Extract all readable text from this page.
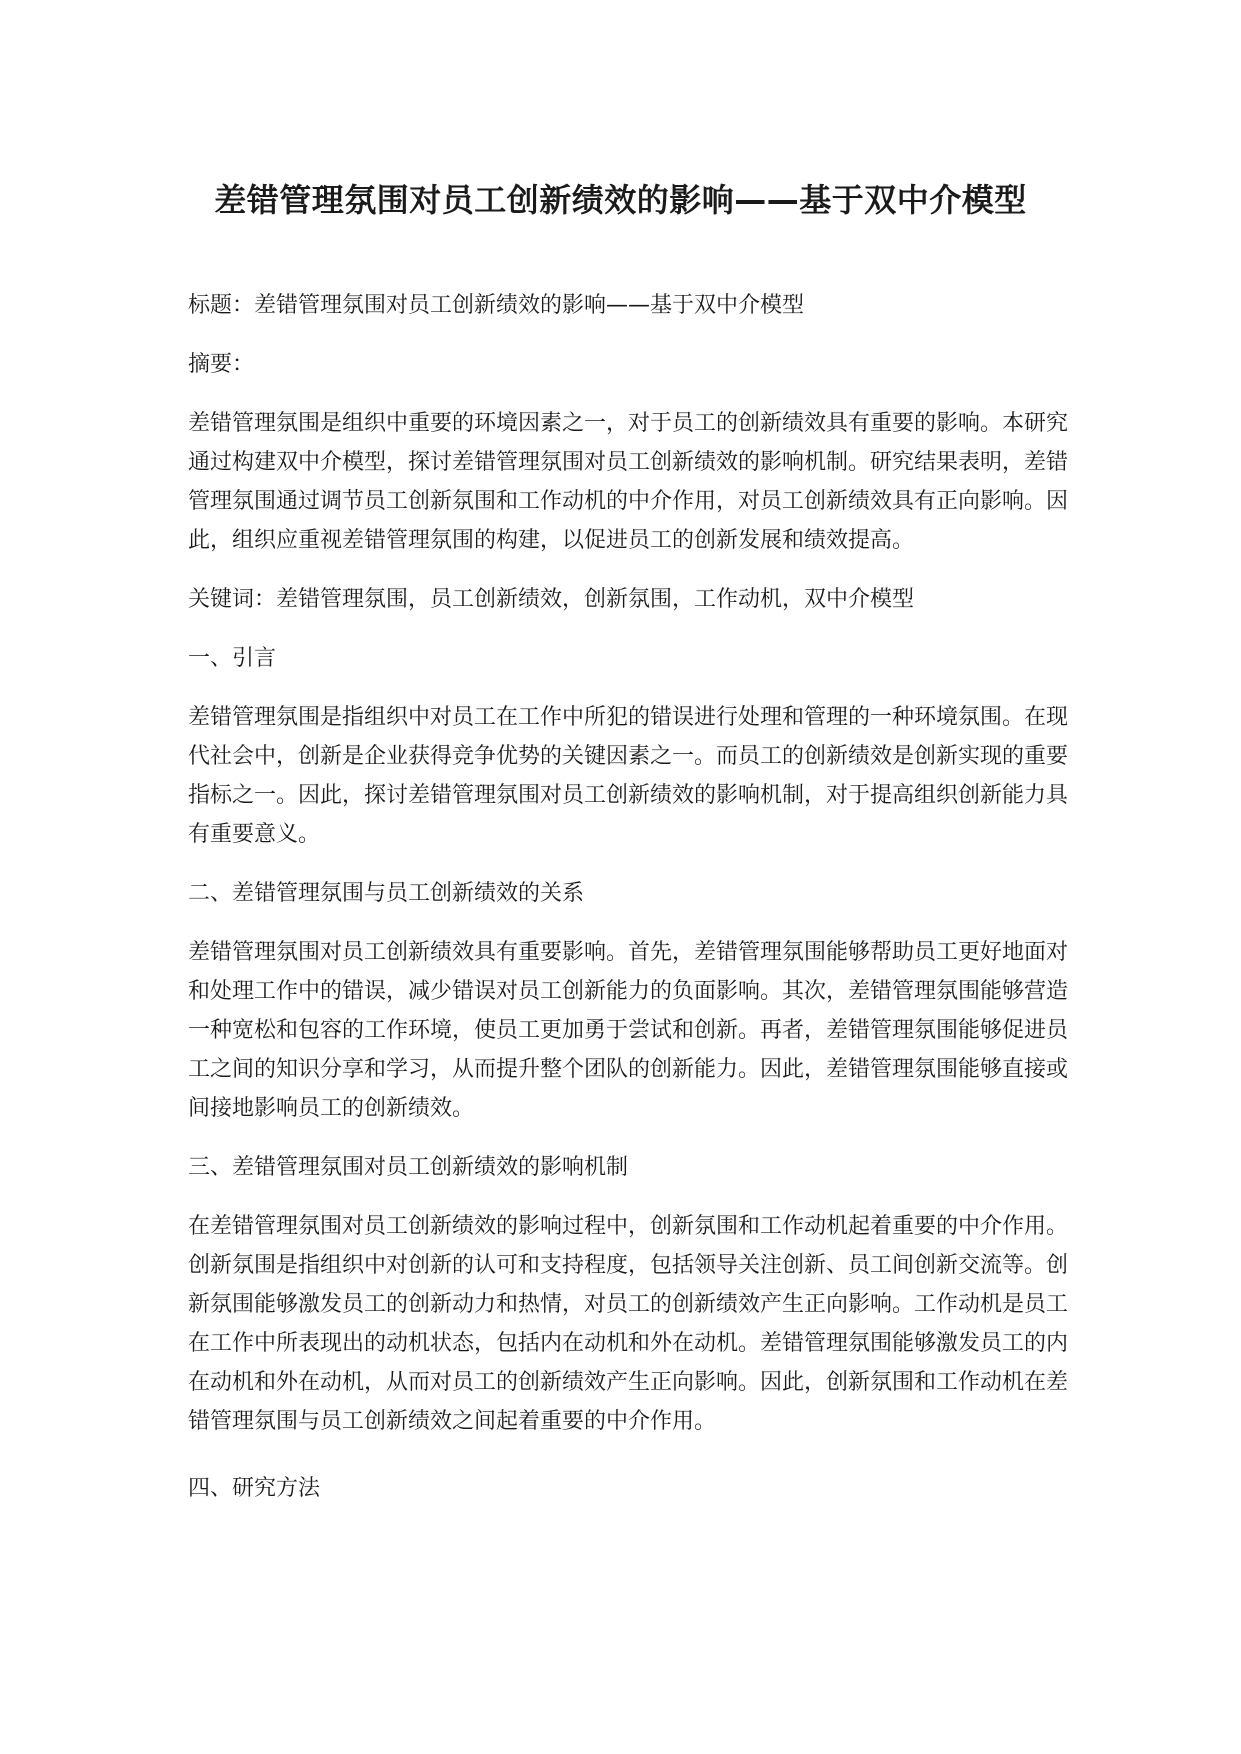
差错管理氛围对员工创新绩效的影响——基于双中介模型

标题：差错管理氛围对员工创新绩效的影响——基于双中介模型

摘要：

差错管理氛围是组织中重要的环境因素之一，对于员工的创新绩效具有重要的影响。本研究通过构建双中介模型，探讨差错管理氛围对员工创新绩效的影响机制。研究结果表明，差错管理氛围通过调节员工创新氛围和工作动机的中介作用，对员工创新绩效具有正向影响。因此，组织应重视差错管理氛围的构建，以促进员工的创新发展和绩效提高。

关键词：差错管理氛围，员工创新绩效，创新氛围，工作动机，双中介模型

一、引言

差错管理氛围是指组织中对员工在工作中所犯的错误进行处理和管理的一种环境氛围。在现代社会中，创新是企业获得竞争优势的关键因素之一。而员工的创新绩效是创新实现的重要指标之一。因此，探讨差错管理氛围对员工创新绩效的影响机制，对于提高组织创新能力具有重要意义。

二、差错管理氛围与员工创新绩效的关系

差错管理氛围对员工创新绩效具有重要影响。首先，差错管理氛围能够帮助员工更好地面对和处理工作中的错误，减少错误对员工创新能力的负面影响。其次，差错管理氛围能够营造一种宽松和包容的工作环境，使员工更加勇于尝试和创新。再者，差错管理氛围能够促进员工之间的知识分享和学习，从而提升整个团队的创新能力。因此，差错管理氛围能够直接或间接地影响员工的创新绩效。

三、差错管理氛围对员工创新绩效的影响机制

在差错管理氛围对员工创新绩效的影响过程中，创新氛围和工作动机起着重要的中介作用。创新氛围是指组织中对创新的认可和支持程度，包括领导关注创新、员工间创新交流等。创新氛围能够激发员工的创新动力和热情，对员工的创新绩效产生正向影响。工作动机是员工在工作中所表现出的动机状态，包括内在动机和外在动机。差错管理氛围能够激发员工的内在动机和外在动机，从而对员工的创新绩效产生正向影响。因此，创新氛围和工作动机在差错管理氛围与员工创新绩效之间起着重要的中介作用。

四、研究方法
